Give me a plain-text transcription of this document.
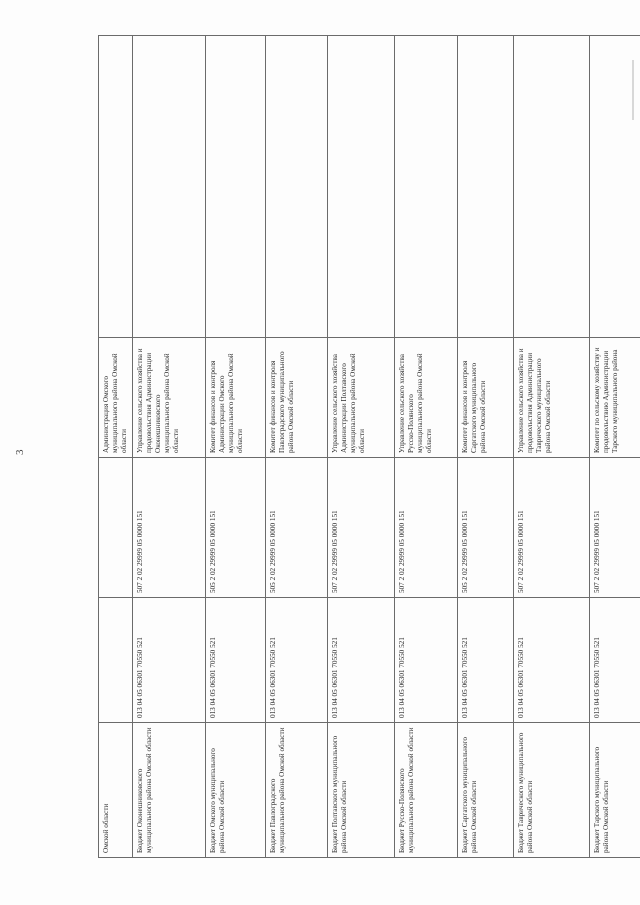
3
Омской области			Администрация Омского муниципального района Омской области	
Бюджет Оконешниковского муниципального района Омской области	013 04 05 06301 70550 521	507 2 02 29999 05 0000 151	Управление сельского хозяйства и продовольствия Администрации Оконешниковского муниципального района Омской области	
Бюджет Омского муниципального района Омской области	013 04 05 06301 70550 521	505 2 02 29999 05 0000 151	Комитет финансов и контроля Администрации Омского муниципального района Омской области	
Бюджет Павлоградского муниципального района Омской области	013 04 05 06301 70550 521	505 2 02 29999 05 0000 151	Комитет финансов и контроля Павлоградского муниципального района Омской области	
Бюджет Полтавского муниципального района Омской области	013 04 05 06301 70550 521	507 2 02 29999 05 0000 151	Управление сельского хозяйства Администрации Полтавского муниципального района Омской области	
Бюджет Русско-Полянского муниципального района Омской области	013 04 05 06301 70550 521	507 2 02 29999 05 0000 151	Управление сельского хозяйства Русско-Полянского муниципального района Омской области	
Бюджет Саргатского муниципального района Омской области	013 04 05 06301 70550 521	505 2 02 29999 05 0000 151	Комитет финансов и контроля Саргатского муниципального района Омской области	
Бюджет Таврического муниципального района Омской области	013 04 05 06301 70550 521	507 2 02 29999 05 0000 151	Управление сельского хозяйства и продовольствия Администрации Таврического муниципального района Омской области	
Бюджет Тарского муниципального района Омской области	013 04 05 06301 70550 521	507 2 02 29999 05 0000 151	Комитет по сельскому хозяйству и продовольствию Администрации Тарского муниципального района	
